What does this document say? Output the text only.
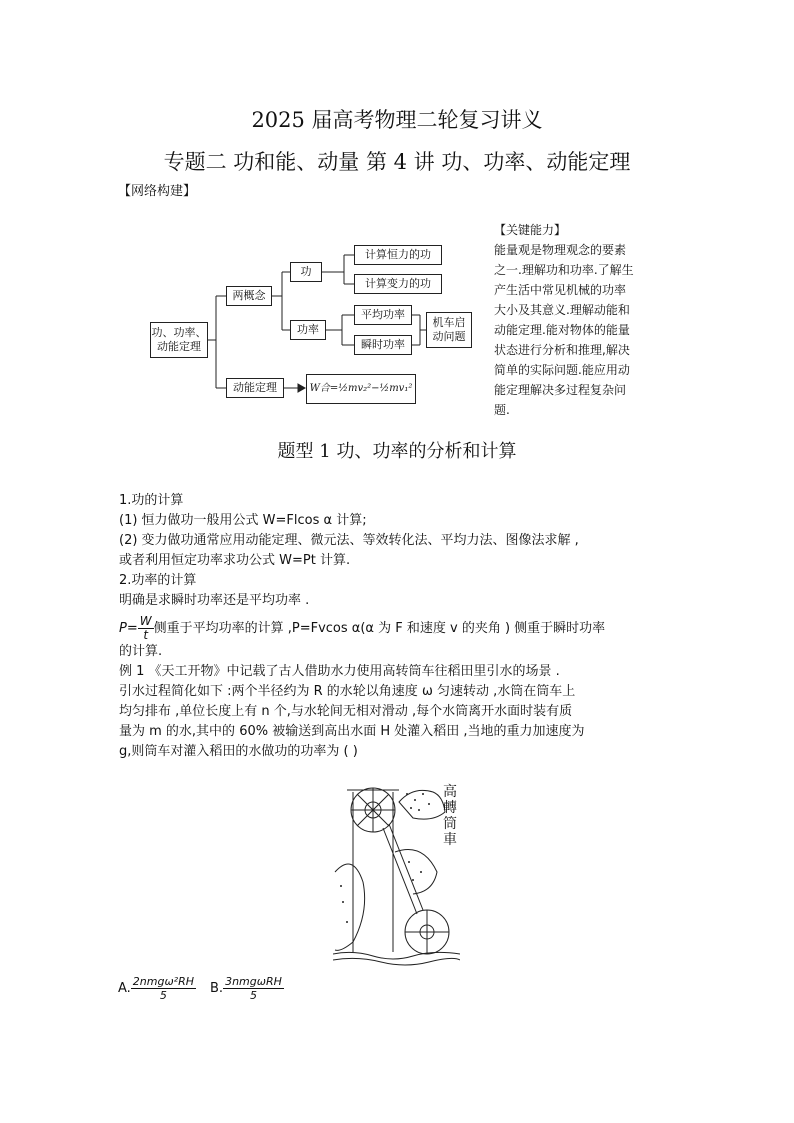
2025 届高考物理二轮复习讲义
专题二 功和能、动量 第 4 讲 功、功率、动能定理
【网络构建】
功、功率、动能定理
两概念
功
功率
计算恒力的功
计算变力的功
平均功率
瞬时功率
机车启动问题
动能定理	W合=½mv₂²−½mv₁²
【关键能力】
能量观是物理观念的要素
之一.理解功和功率.了解生
产生活中常见机械的功率
大小及其意义.理解动能和
动能定理.能对物体的能量
状态进行分析和推理,解决
简单的实际问题.能应用动
能定理解决多过程复杂问
题.
题型 1 功、功率的分析和计算

1.功的计算

(1) 恒力做功一般用公式 W=Flcos α 计算;

(2) 变力做功通常应用动能定理、微元法、等效转化法、平均力法、图像法求解 ,

或者利用恒定功率求功公式 W=Pt 计算.

2.功率的计算

明确是求瞬时功率还是平均功率 .

$P= \frac{W}{t}$ 侧重于平均功率的计算 ,P=Fvcos α(α 为 F 和速度 v 的夹角 ) 侧重于瞬时功率

的计算.

例 1 《天工开物》中记载了古人借助水力使用高转筒车往稻田里引水的场景 .

引水过程简化如下 :两个半径约为 R 的水轮以角速度 ω 匀速转动 ,水筒在筒车上

均匀排布 ,单位长度上有 n 个,与水轮间无相对滑动 ,每个水筒离开水面时装有质

量为 m 的水,其中的 60% 被输送到高出水面 H 处灌入稻田 ,当地的重力加速度为

g,则筒车对灌入稻田的水做功的功率为 ( )

高轉筒車
A. $\frac{\text{2nmgω²RH}}{5} B$. $\frac{\text{3nmgωRH}}{5}$
